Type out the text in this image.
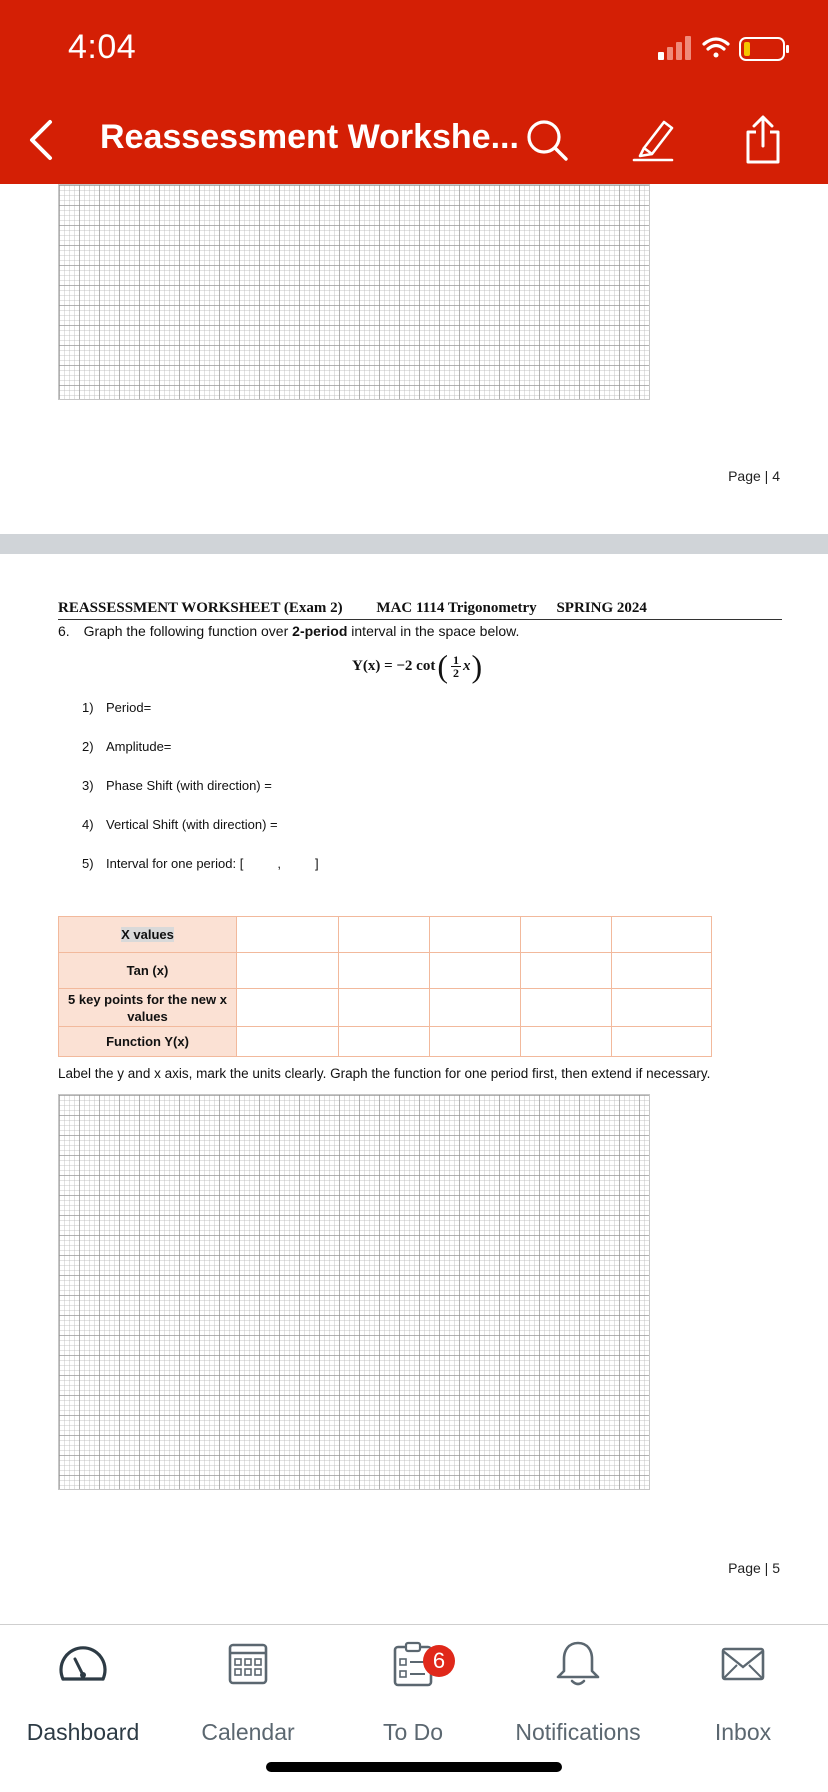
4:04
Reassessment Workshe...
Page | 4
REASSESSMENT WORKSHEET (Exam 2) MAC 1114 Trigonometry SPRING 2024
6. Graph the following function over 2-period interval in the space below.
Y(x) = −2 cot ( $\frac{1}{2}$ x )
1) Period=
2) Amplitude=
3) Phase Shift (with direction) =
4) Vertical Shift (with direction) =
5) Interval for one period: [	,	]
X values					
Tan (x)					
5 key points for the new x values					
Function Y(x)					
Label the y and x axis, mark the units clearly. Graph the function for one period first, then extend if necessary.
Page | 5
Dashboard	Calendar
6
To Do	Notifications	Inbox
